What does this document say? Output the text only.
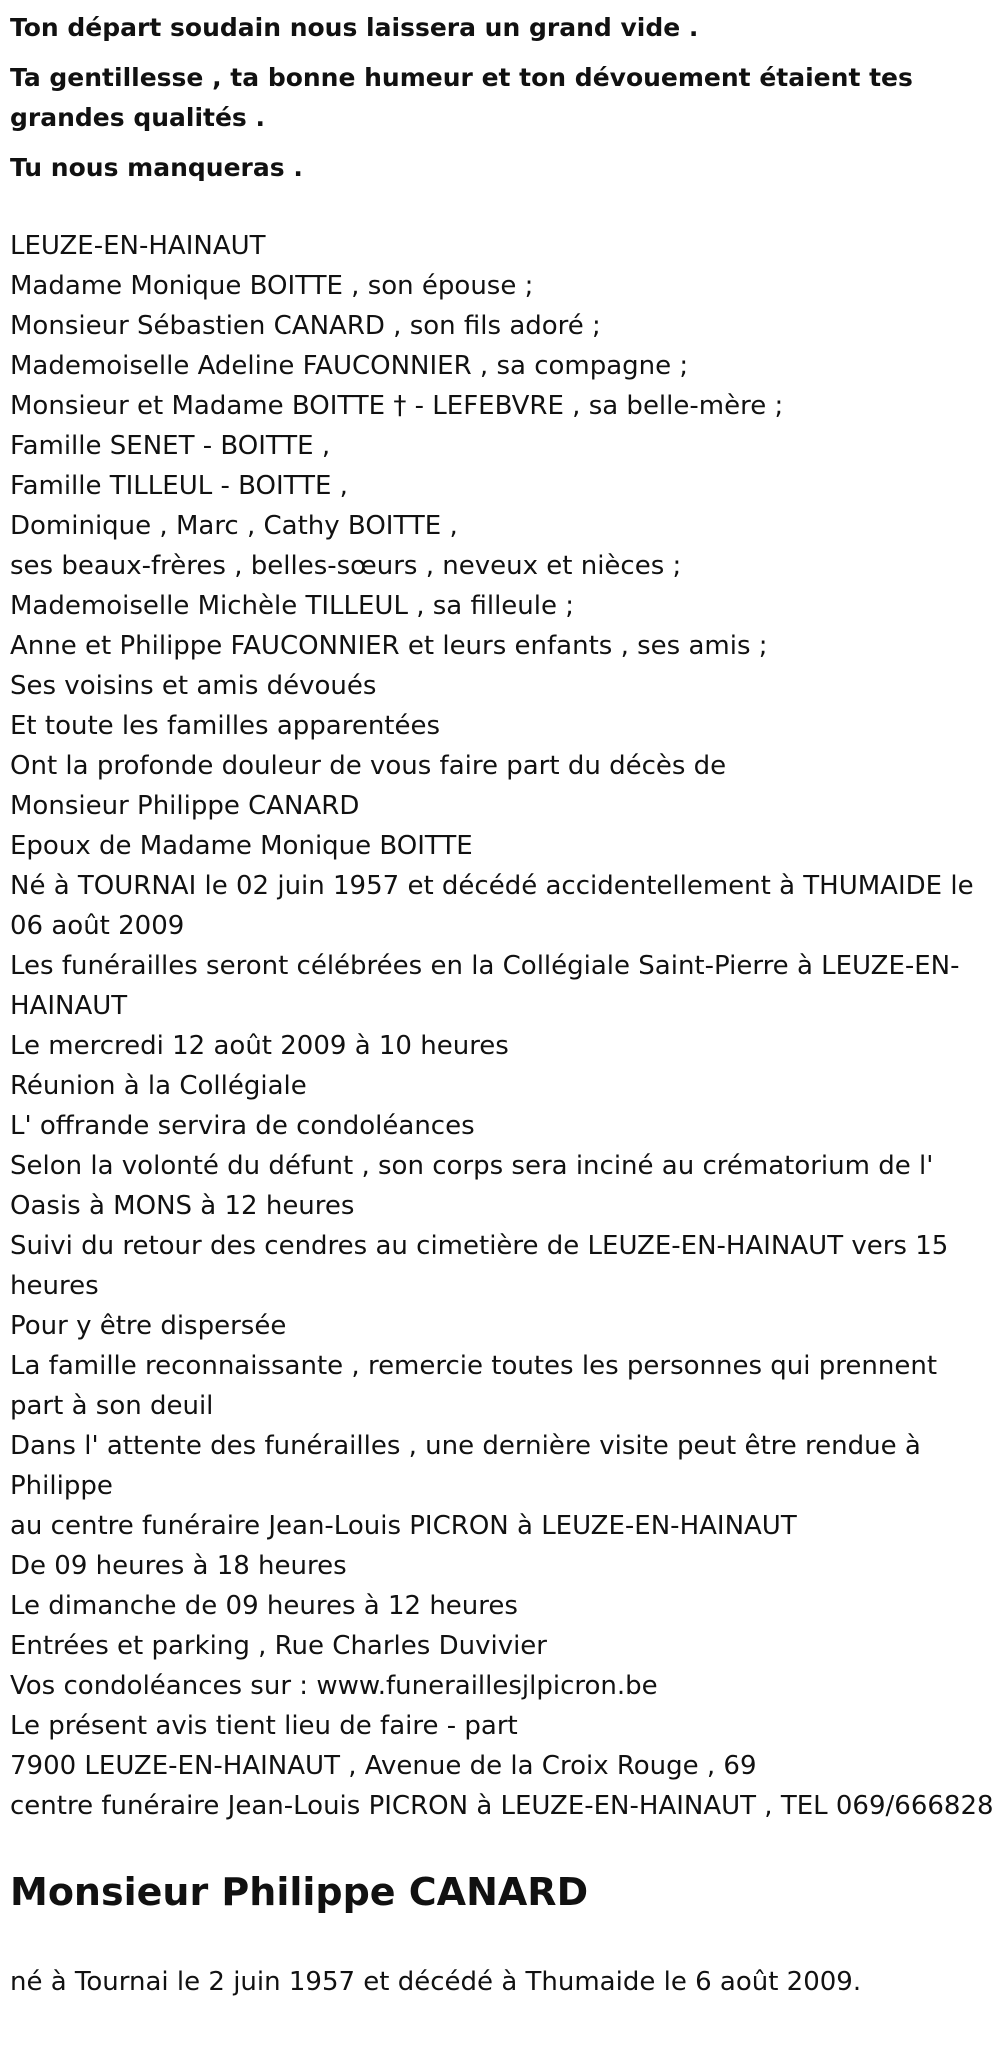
Ton départ soudain nous laissera un grand vide .

Ta gentillesse , ta bonne humeur et ton dévouement étaient tes grandes qualités .

Tu nous manqueras .

LEUZE-EN-HAINAUT

Madame Monique BOITTE , son épouse ;

Monsieur Sébastien CANARD , son fils adoré ;

Mademoiselle Adeline FAUCONNIER , sa compagne ;

Monsieur et Madame BOITTE † - LEFEBVRE , sa belle-mère ;

Famille SENET - BOITTE ,

Famille TILLEUL - BOITTE ,

Dominique , Marc , Cathy BOITTE ,

ses beaux-frères , belles-sœurs , neveux et nièces ;

Mademoiselle Michèle TILLEUL , sa filleule ;

Anne et Philippe FAUCONNIER et leurs enfants , ses amis ;

Ses voisins et amis dévoués

Et toute les familles apparentées

Ont la profonde douleur de vous faire part du décès de

Monsieur Philippe CANARD

Epoux de Madame Monique BOITTE

Né à TOURNAI le 02 juin 1957 et décédé accidentellement à THUMAIDE le 06 août 2009

Les funérailles seront célébrées en la Collégiale Saint-Pierre à LEUZE-EN-HAINAUT

Le mercredi 12 août 2009 à 10 heures

Réunion à la Collégiale

L' offrande servira de condoléances

Selon la volonté du défunt , son corps sera inciné au crématorium de l' Oasis à MONS à 12 heures

Suivi du retour des cendres au cimetière de LEUZE-EN-HAINAUT vers 15 heures

Pour y être dispersée

La famille reconnaissante , remercie toutes les personnes qui prennent part à son deuil

Dans l' attente des funérailles , une dernière visite peut être rendue à Philippe

au centre funéraire Jean-Louis PICRON à LEUZE-EN-HAINAUT

De 09 heures à 18 heures

Le dimanche de 09 heures à 12 heures

Entrées et parking , Rue Charles Duvivier

Vos condoléances sur : www.funeraillesjlpicron.be

Le présent avis tient lieu de faire - part

7900 LEUZE-EN-HAINAUT , Avenue de la Croix Rouge , 69

centre funéraire Jean-Louis PICRON à LEUZE-EN-HAINAUT , TEL 069/666828

Monsieur Philippe CANARD
né à Tournai le 2 juin 1957 et décédé à Thumaide le 6 août 2009.
